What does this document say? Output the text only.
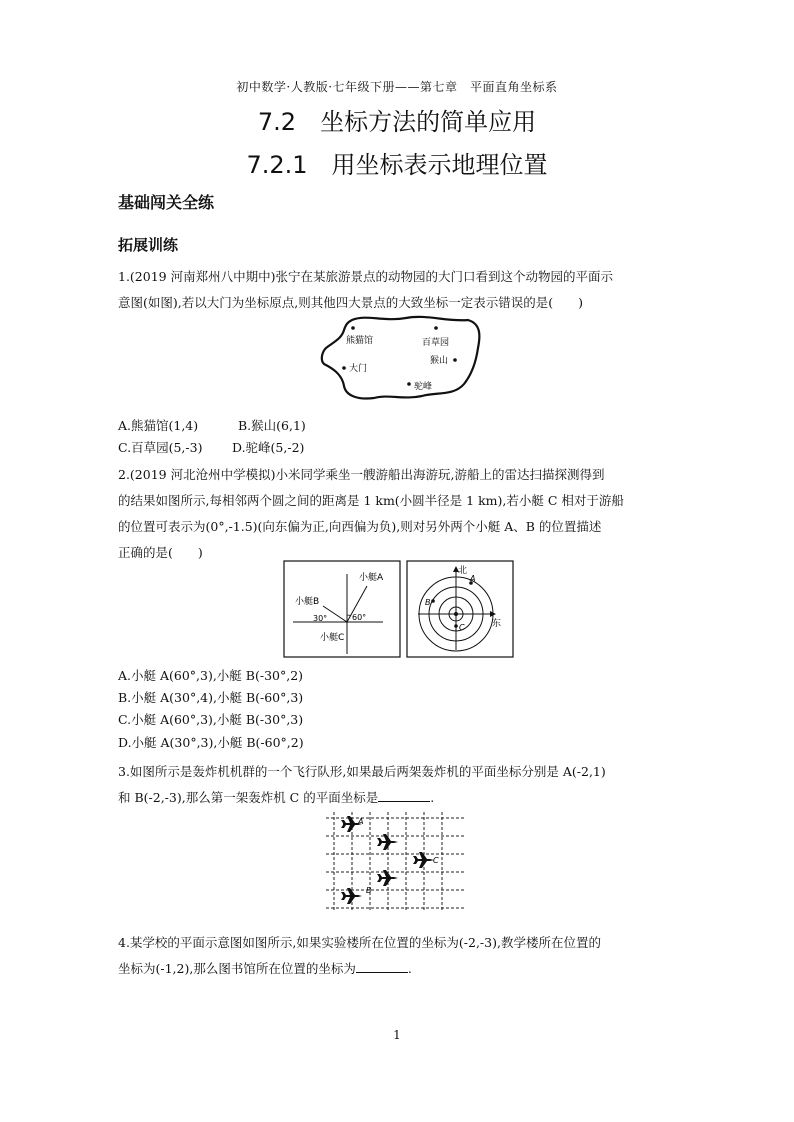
初中数学·人教版·七年级下册——第七章　平面直角坐标系
7.2　坐标方法的简单应用
7.2.1　用坐标表示地理位置
基础闯关全练
拓展训练
1.(2019 河南郑州八中期中)张宁在某旅游景点的动物园的大门口看到这个动物园的平面示
意图(如图),若以大门为坐标原点,则其他四大景点的大致坐标一定表示错误的是(　　)
熊猫馆	百草园
猴山
大门
驼峰
A.熊猫馆(1,4)	B.猴山(6,1)
C.百草园(5,-3) D.驼峰(5,-2)
2.(2019 河北沧州中学模拟)小米同学乘坐一艘游船出海游玩,游船上的雷达扫描探测得到
的结果如图所示,每相邻两个圆之间的距离是 1 km(小圆半径是 1 km),若小艇 C 相对于游船
的位置可表示为(0°,-1.5)(向东偏为正,向西偏为负),则对另外两个小艇 A、B 的位置描述
正确的是(　　)
小艇A
小艇B
30°	60°
小艇C
北
东
A
B
C
A.小艇 A(60°,3),小艇 B(-30°,2)
B.小艇 A(30°,4),小艇 B(-60°,3)
C.小艇 A(60°,3),小艇 B(-30°,3)
D.小艇 A(30°,3),小艇 B(-60°,2)
3.如图所示是轰炸机机群的一个飞行队形,如果最后两架轰炸机的平面坐标分别是 A(-2,1)
和 B(-2,-3),那么第一架轰炸机 C 的平面坐标是	.
A
C
B
4.某学校的平面示意图如图所示,如果实验楼所在位置的坐标为(-2,-3),教学楼所在位置的
坐标为(-1,2),那么图书馆所在位置的坐标为	.
1
